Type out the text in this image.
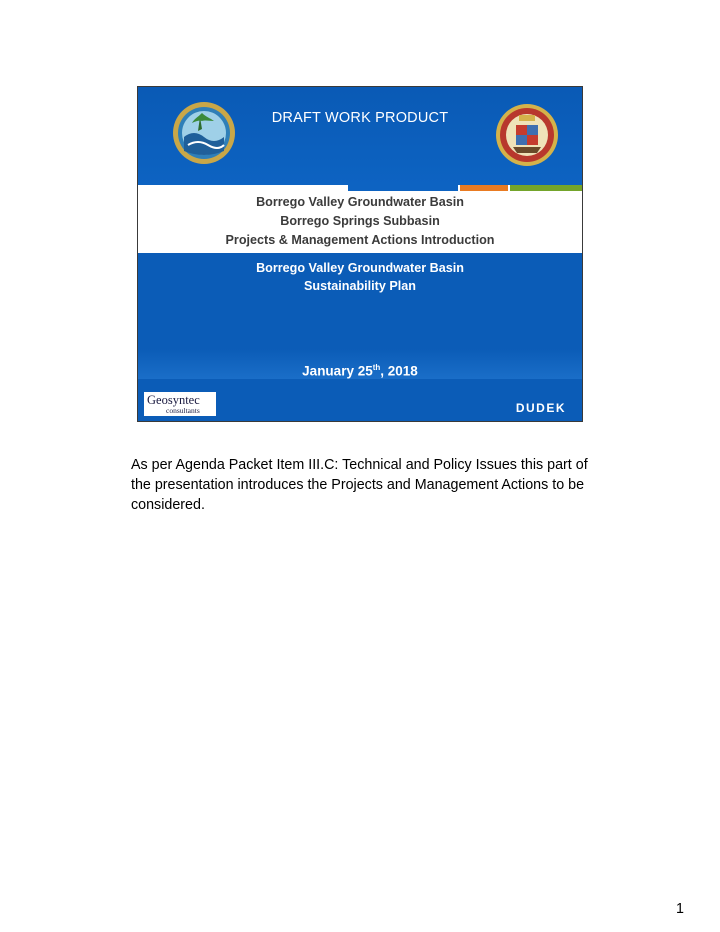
DRAFT WORK PRODUCT
Borrego Valley Groundwater Basin
Borrego Springs Subbasin
Projects & Management Actions Introduction
Borrego Valley Groundwater Basin
Sustainability Plan
January 25th, 2018
Geosyntec
consultants	DUDEK

As per Agenda Packet Item III.C: Technical and Policy Issues this part of the presentation introduces the Projects and Management Actions to be considered.

1
